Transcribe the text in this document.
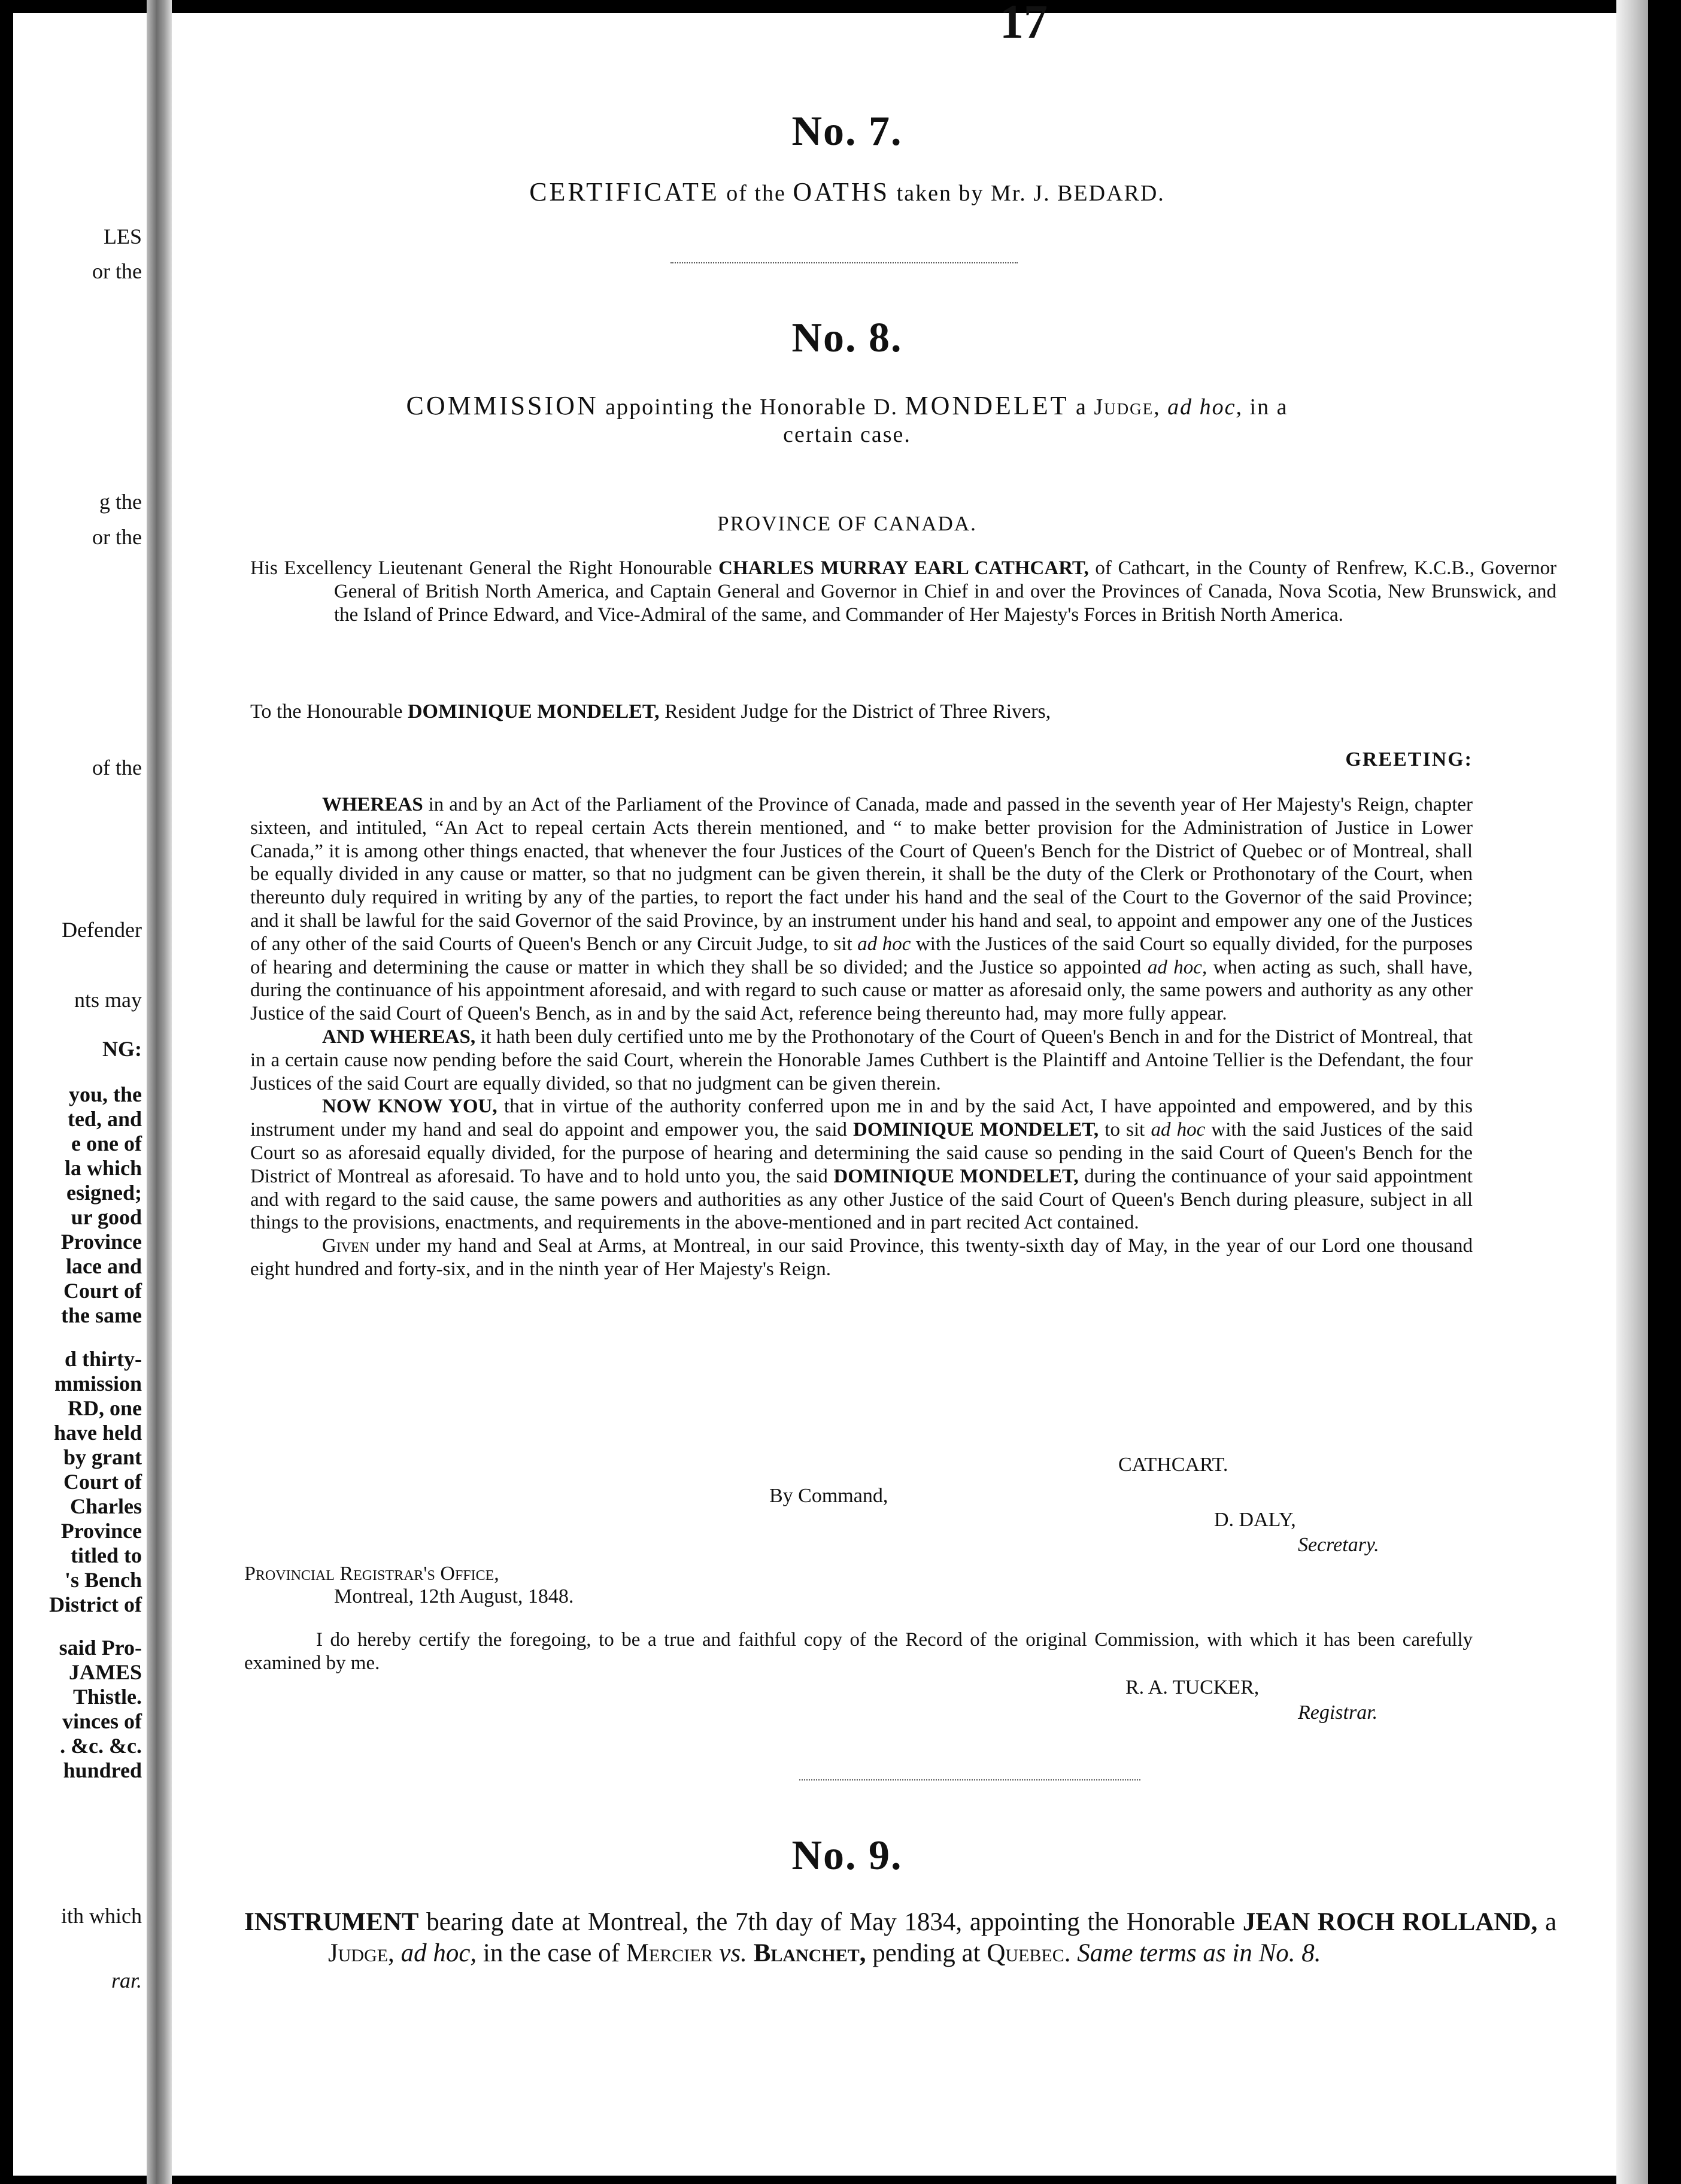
LES
or the
g the
or the
of the
Defender
nts may
NG:
you, the
ted, and
e one of
la which
esigned;
ur good
Province
lace and
Court of
the same
d thirty-
mmission
RD, one
have held
by grant
Court of
Charles
Province
titled to
's Bench
District of
said Pro-
JAMES
Thistle.
vinces of
. &c. &c.
hundred
ith which
rar.
17
No. 7.
CERTIFICATE of the OATHS taken by Mr. J. BEDARD.
No. 8.
COMMISSION appointing the Honorable D. MONDELET a Judge, ad hoc, in a
certain case.
PROVINCE OF CANADA.
His Excellency Lieutenant General the Right Honourable CHARLES MURRAY EARL CATHCART, of Cathcart, in the County of Renfrew, K.C.B., Governor General of British North America, and Captain General and Governor in Chief in and over the Provinces of Canada, Nova Scotia, New Brunswick, and the Island of Prince Edward, and Vice-Admiral of the same, and Commander of Her Majesty's Forces in British North America.
To the Honourable DOMINIQUE MONDELET, Resident Judge for the District of Three Rivers,
GREETING:
WHEREAS in and by an Act of the Parliament of the Province of Canada, made and passed in the seventh year of Her Majesty's Reign, chapter sixteen, and intituled, “An Act to repeal certain Acts therein mentioned, and “ to make better provision for the Administration of Justice in Lower Canada,” it is among other things enacted, that whenever the four Justices of the Court of Queen's Bench for the District of Quebec or of Montreal, shall be equally divided in any cause or matter, so that no judgment can be given therein, it shall be the duty of the Clerk or Prothonotary of the Court, when thereunto duly required in writing by any of the parties, to report the fact under his hand and the seal of the Court to the Governor of the said Province; and it shall be lawful for the said Governor of the said Province, by an instrument under his hand and seal, to appoint and empower any one of the Justices of any other of the said Courts of Queen's Bench or any Circuit Judge, to sit ad hoc with the Justices of the said Court so equally divided, for the purposes of hearing and determining the cause or matter in which they shall be so divided; and the Justice so appointed ad hoc, when acting as such, shall have, during the continuance of his appointment aforesaid, and with regard to such cause or matter as aforesaid only, the same powers and authority as any other Justice of the said Court of Queen's Bench, as in and by the said Act, reference being thereunto had, may more fully appear.
AND WHEREAS, it hath been duly certified unto me by the Prothonotary of the Court of Queen's Bench in and for the District of Montreal, that in a certain cause now pending before the said Court, wherein the Honorable James Cuthbert is the Plaintiff and Antoine Tellier is the Defendant, the four Justices of the said Court are equally divided, so that no judgment can be given therein.
NOW KNOW YOU, that in virtue of the authority conferred upon me in and by the said Act, I have appointed and empowered, and by this instrument under my hand and seal do appoint and empower you, the said DOMINIQUE MONDELET, to sit ad hoc with the said Justices of the said Court so as aforesaid equally divided, for the purpose of hearing and determining the said cause so pending in the said Court of Queen's Bench for the District of Montreal as aforesaid. To have and to hold unto you, the said DOMINIQUE MONDELET, during the continuance of your said appointment and with regard to the said cause, the same powers and authorities as any other Justice of the said Court of Queen's Bench during pleasure, subject in all things to the provisions, enactments, and requirements in the above-mentioned and in part recited Act contained.
Given under my hand and Seal at Arms, at Montreal, in our said Province, this twenty-sixth day of May, in the year of our Lord one thousand eight hundred and forty-six, and in the ninth year of Her Majesty's Reign.
CATHCART.
By Command,
D. DALY,
Secretary.
Provincial Registrar's Office,
Montreal, 12th August, 1848.
I do hereby certify the foregoing, to be a true and faithful copy of the Record of the original Commission, with which it has been carefully examined by me.
R. A. TUCKER,
Registrar.
No. 9.
INSTRUMENT bearing date at Montreal, the 7th day of May 1834, appointing the Honorable JEAN ROCH ROLLAND, a Judge, ad hoc, in the case of Mercier vs. Blanchet, pending at Quebec. Same terms as in No. 8.
